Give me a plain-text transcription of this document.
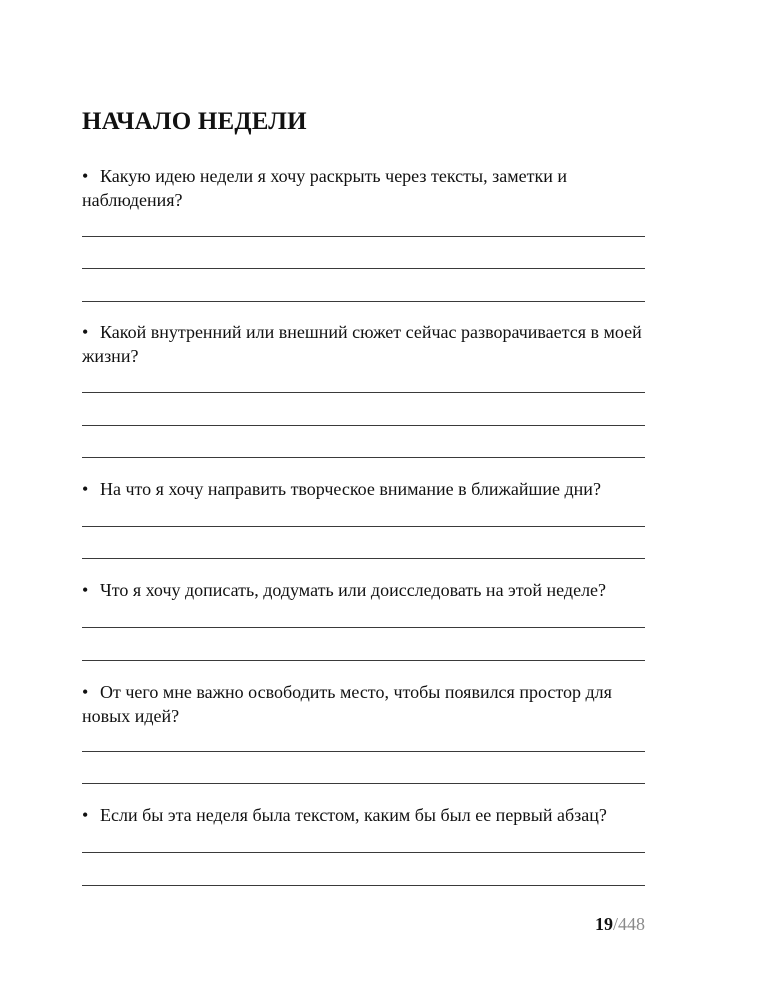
НАЧАЛО НЕДЕЛИ

• Какую идею недели я хочу раскрыть через тексты, заметки и наблюдения?

• Какой внутренний или внешний сюжет сейчас разворачивается в моей жизни?

• На что я хочу направить творческое внимание в ближайшие дни?

• Что я хочу дописать, додумать или доисследовать на этой неделе?

• От чего мне важно освободить место, чтобы появился простор для новых идей?

• Если бы эта неделя была текстом, каким бы был ее первый абзац?

19/448
